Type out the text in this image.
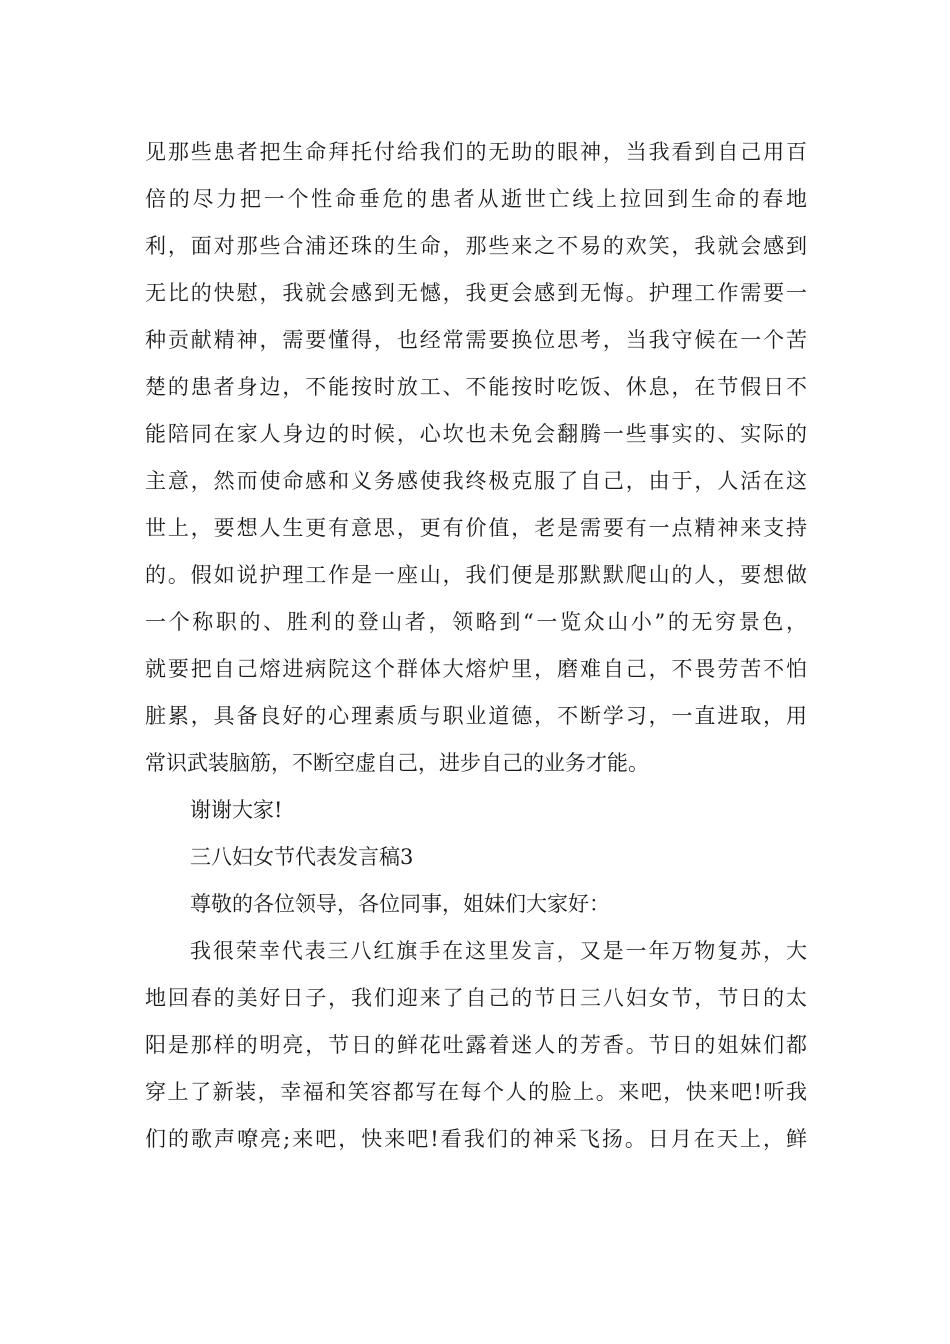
见那些患者把生命拜托付给我们的无助的眼神，当我看到自己用百
倍的尽力把一个性命垂危的患者从逝世亡线上拉回到生命的春地
利，面对那些合浦还珠的生命，那些来之不易的欢笑，我就会感到
无比的快慰，我就会感到无憾，我更会感到无悔。护理工作需要一
种贡献精神，需要懂得，也经常需要换位思考，当我守候在一个苦
楚的患者身边，不能按时放工、不能按时吃饭、休息，在节假日不
能陪同在家人身边的时候，心坎也未免会翻腾一些事实的、实际的
主意，然而使命感和义务感使我终极克服了自己，由于，人活在这
世上，要想人生更有意思，更有价值，老是需要有一点精神来支持
的。假如说护理工作是一座山，我们便是那默默爬山的人，要想做
一个称职的、胜利的登山者，领略到“一览众山小”的无穷景色，
就要把自己熔进病院这个群体大熔炉里，磨难自己，不畏劳苦不怕
脏累，具备良好的心理素质与职业道德，不断学习，一直进取，用
常识武装脑筋，不断空虚自己，进步自己的业务才能。
谢谢大家!
三八妇女节代表发言稿3
尊敬的各位领导，各位同事，姐妹们大家好：
我很荣幸代表三八红旗手在这里发言，又是一年万物复苏，大
地回春的美好日子，我们迎来了自己的节日三八妇女节，节日的太
阳是那样的明亮，节日的鲜花吐露着迷人的芳香。节日的姐妹们都
穿上了新装，幸福和笑容都写在每个人的脸上。来吧，快来吧!听我
们的歌声嘹亮;来吧，快来吧!看我们的神采飞扬。日月在天上，鲜
